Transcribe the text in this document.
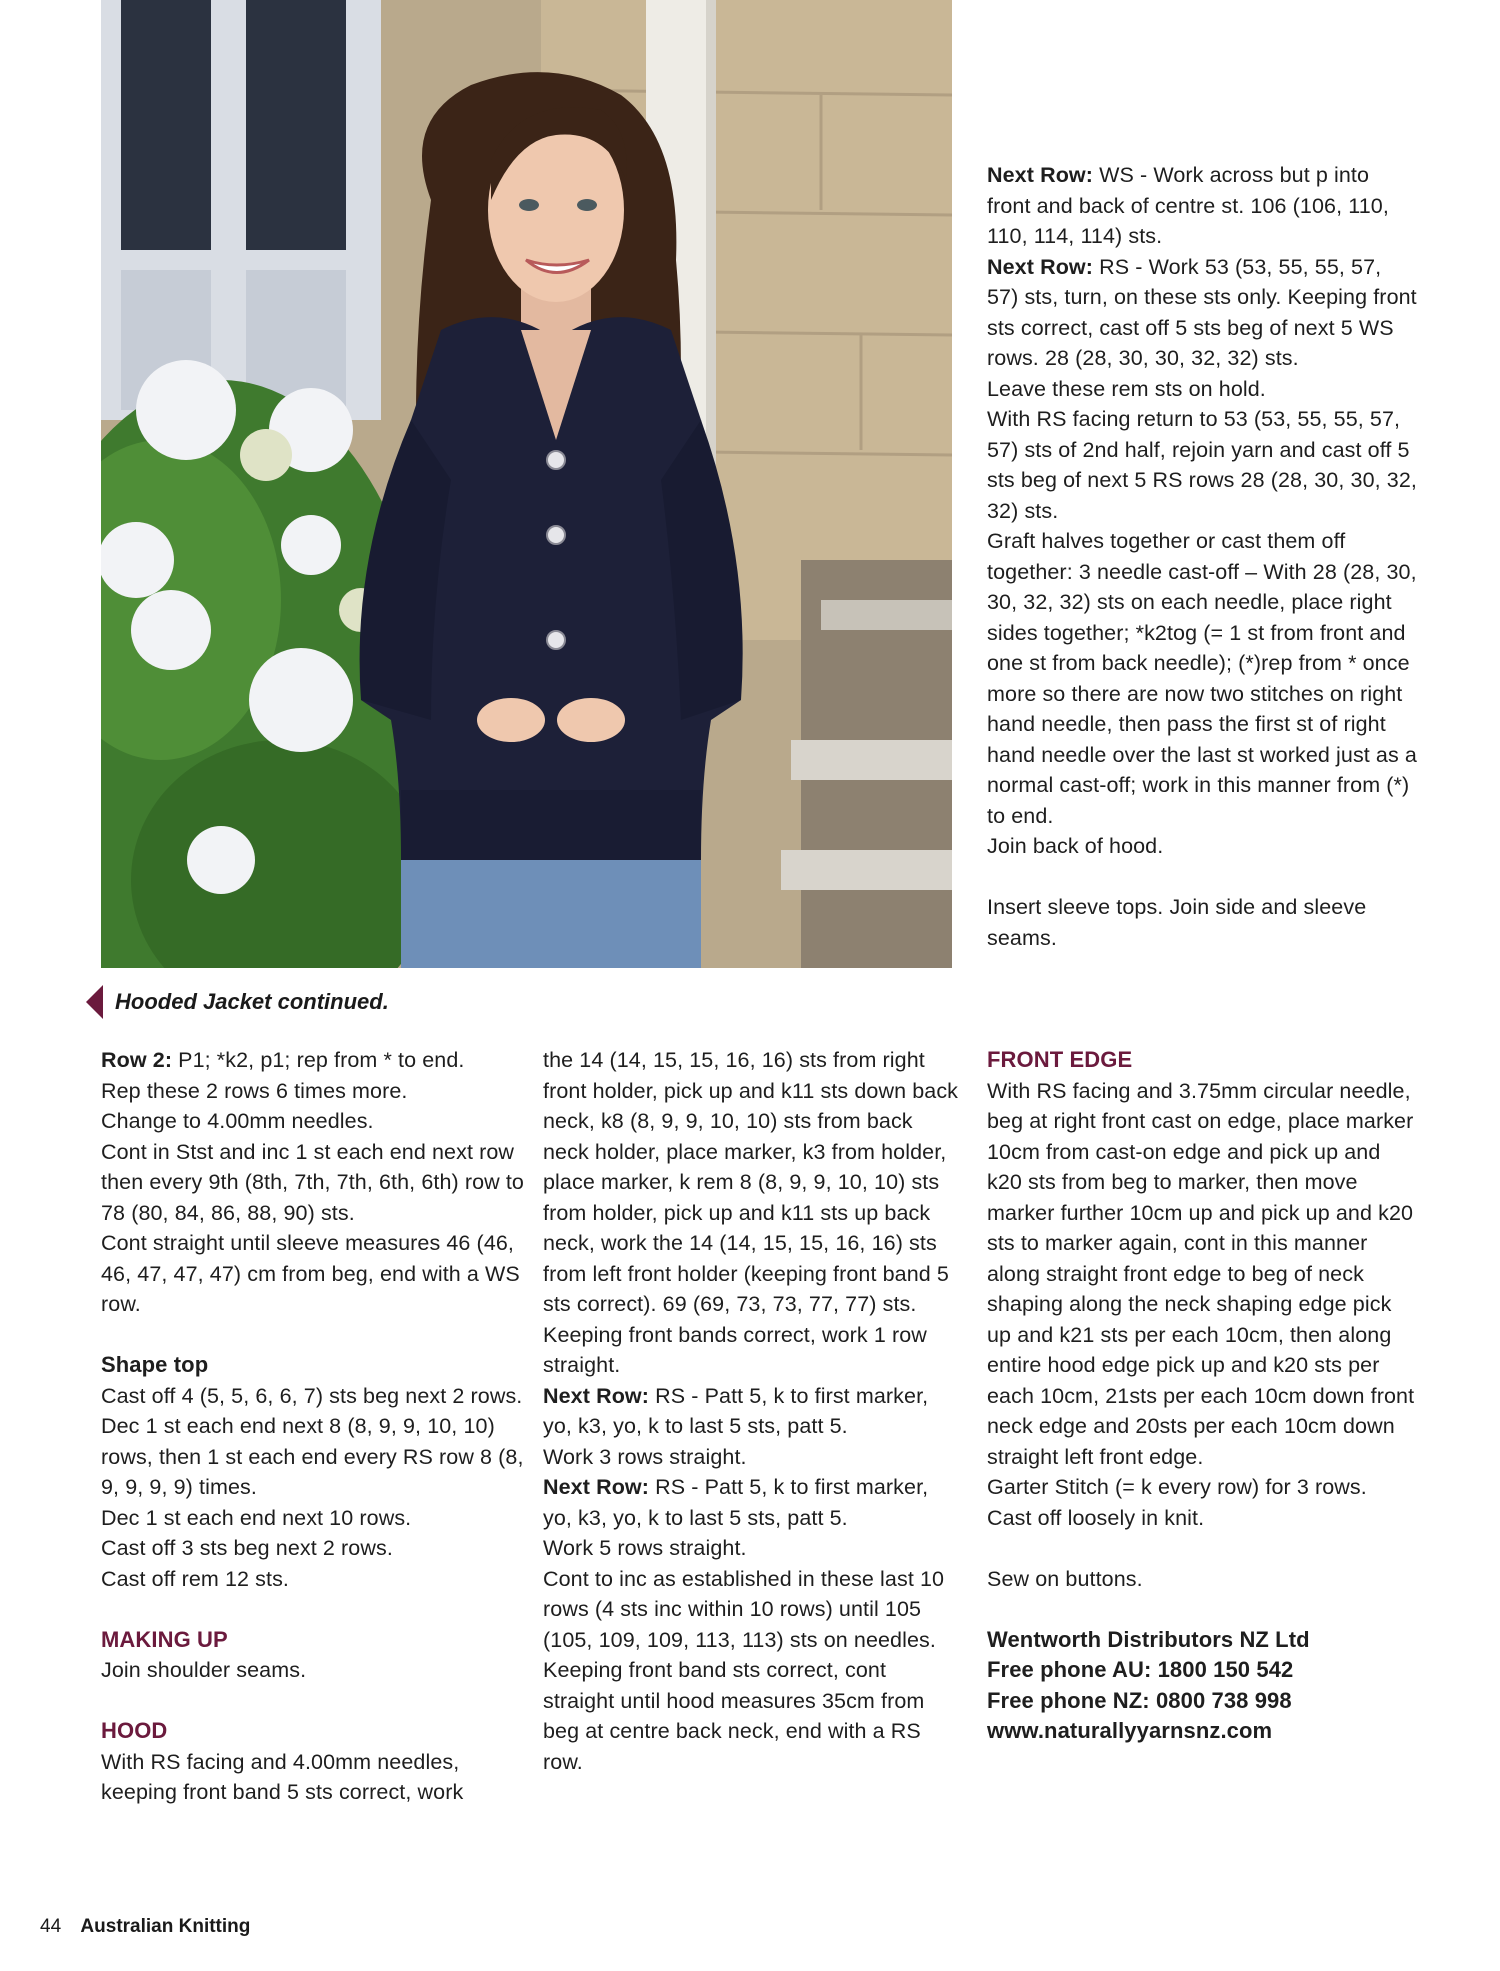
Hooded Jacket continued.

Next Row: WS - Work across but p into front and back of centre st. 106 (106, 110, 110, 114, 114) sts.

Next Row: RS - Work 53 (53, 55, 55, 57, 57) sts, turn, on these sts only. Keeping front sts correct, cast off 5 sts beg of next 5 WS rows. 28 (28, 30, 30, 32, 32) sts.

Leave these rem sts on hold.

With RS facing return to 53 (53, 55, 55, 57, 57) sts of 2nd half, rejoin yarn and cast off 5 sts beg of next 5 RS rows 28 (28, 30, 30, 32, 32) sts.

Graft halves together or cast them off together: 3 needle cast-off – With 28 (28, 30, 30, 32, 32) sts on each needle, place right sides together; *k2tog (= 1 st from front and one st from back needle); (*)rep from * once more so there are now two stitches on right hand needle, then pass the first st of right hand needle over the last st worked just as a normal cast-off; work in this manner from (*) to end.

Join back of hood.

Insert sleeve tops. Join side and sleeve seams.

Row 2: P1; *k2, p1; rep from * to end.

Rep these 2 rows 6 times more.

Change to 4.00mm needles.

Cont in Stst and inc 1 st each end next row then every 9th (8th, 7th, 7th, 6th, 6th) row to 78 (80, 84, 86, 88, 90) sts.

Cont straight until sleeve measures 46 (46, 46, 47, 47, 47) cm from beg, end with a WS row.

Shape top

Cast off 4 (5, 5, 6, 6, 7) sts beg next 2 rows.

Dec 1 st each end next 8 (8, 9, 9, 10, 10) rows, then 1 st each end every RS row 8 (8, 9, 9, 9, 9) times.

Dec 1 st each end next 10 rows.

Cast off 3 sts beg next 2 rows.

Cast off rem 12 sts.

MAKING UP

Join shoulder seams.

HOOD

With RS facing and 4.00mm needles, keeping front band 5 sts correct, work

the 14 (14, 15, 15, 16, 16) sts from right front holder, pick up and k11 sts down back neck, k8 (8, 9, 9, 10, 10) sts from back neck holder, place marker, k3 from holder, place marker, k rem 8 (8, 9, 9, 10, 10) sts from holder, pick up and k11 sts up back neck, work the 14 (14, 15, 15, 16, 16) sts from left front holder (keeping front band 5 sts correct). 69 (69, 73, 73, 77, 77) sts.

Keeping front bands correct, work 1 row straight.

Next Row: RS - Patt 5, k to first marker, yo, k3, yo, k to last 5 sts, patt 5.

Work 3 rows straight.

Next Row: RS - Patt 5, k to first marker, yo, k3, yo, k to last 5 sts, patt 5.

Work 5 rows straight.

Cont to inc as established in these last 10 rows (4 sts inc within 10 rows) until 105 (105, 109, 109, 113, 113) sts on needles.

Keeping front band sts correct, cont straight until hood measures 35cm from beg at centre back neck, end with a RS row.

FRONT EDGE

With RS facing and 3.75mm circular needle, beg at right front cast on edge, place marker 10cm from cast-on edge and pick up and k20 sts from beg to marker, then move marker further 10cm up and pick up and k20 sts to marker again, cont in this manner along straight front edge to beg of neck shaping along the neck shaping edge pick up and k21 sts per each 10cm, then along entire hood edge pick up and k20 sts per each 10cm, 21sts per each 10cm down front neck edge and 20sts per each 10cm down straight left front edge.

Garter Stitch (= k every row) for 3 rows.

Cast off loosely in knit.

Sew on buttons.

Wentworth Distributors NZ Ltd

Free phone AU: 1800 150 542

Free phone NZ: 0800 738 998

www.naturallyyarnsnz.com

44 Australian Knitting
